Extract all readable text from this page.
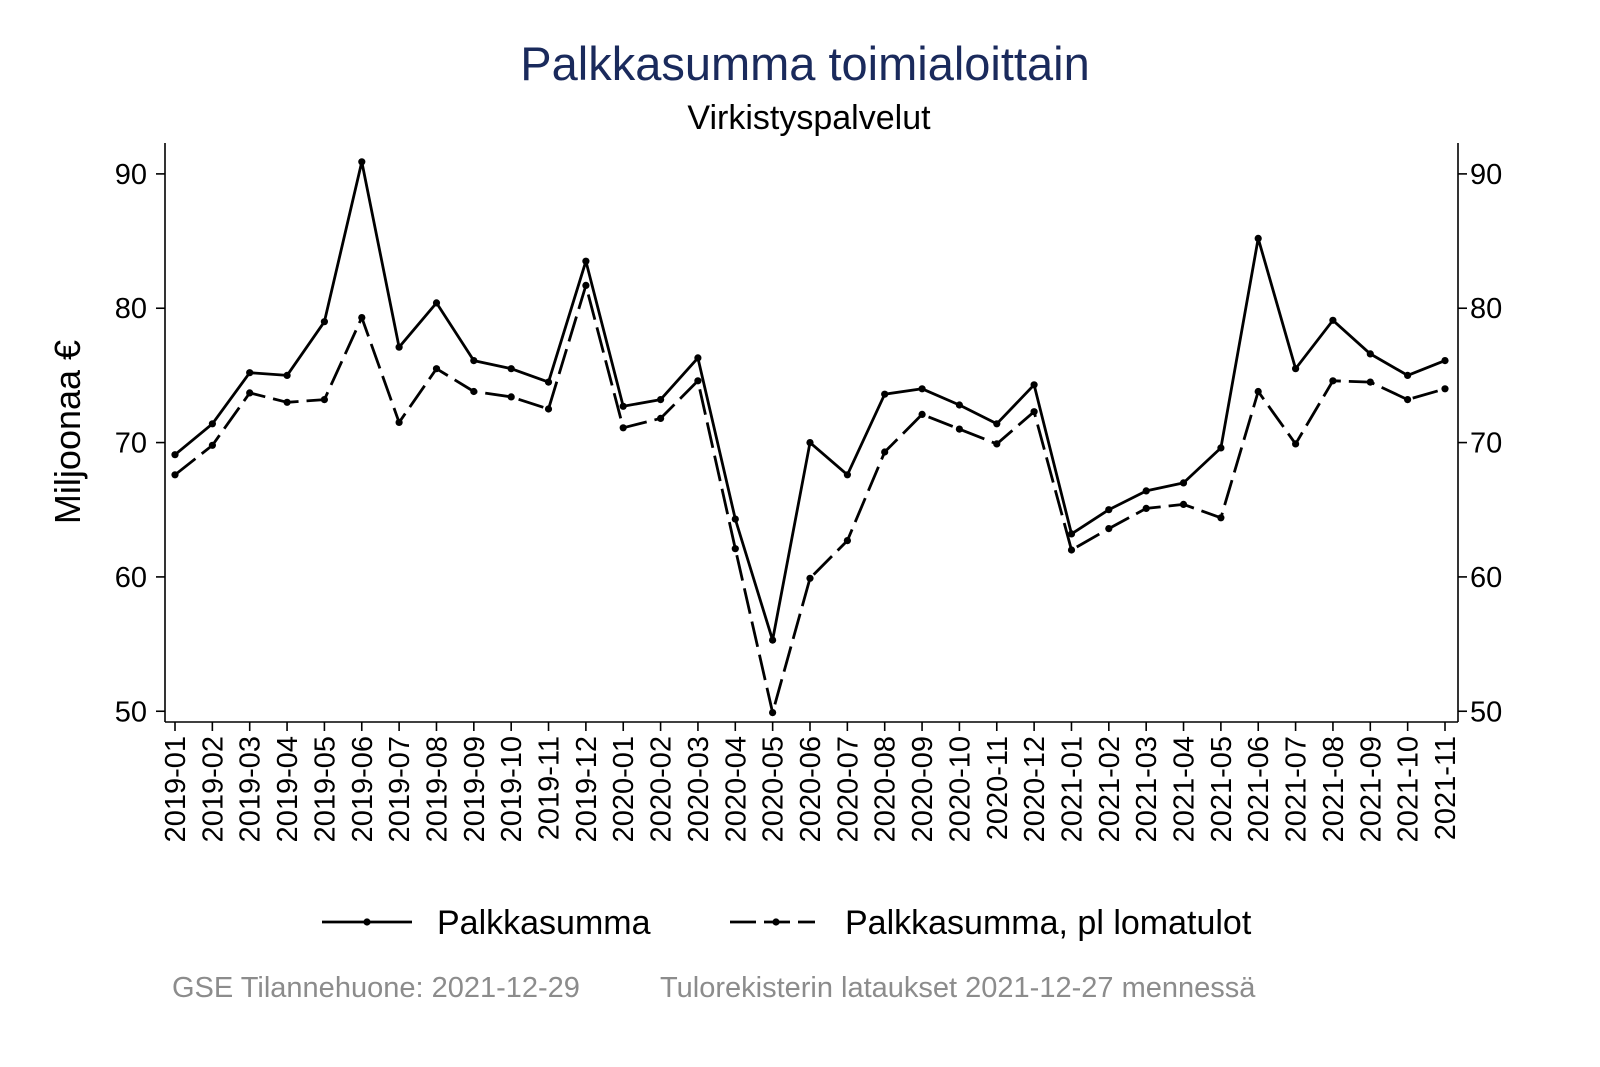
Palkkasumma toimialoittain
Virkistyspalvelut
Miljoonaa €
50	50
60	60
70	70
80	80
90	90
2019-01 2019-02 2019-03 2019-04 2019-05 2019-06 2019-07 2019-08 2019-09 2019-10 2019-11 2019-12 2020-01 2020-02 2020-03 2020-04 2020-05 2020-06 2020-07 2020-08 2020-09 2020-10 2020-11 2020-12 2021-01 2021-02 2021-03 2021-04 2021-05 2021-06 2021-07 2021-08 2021-09 2021-10 2021-11
Palkkasumma	Palkkasumma, pl lomatulot
GSE Tilannehuone: 2021-12-29	Tulorekisterin lataukset 2021-12-27 mennessä
